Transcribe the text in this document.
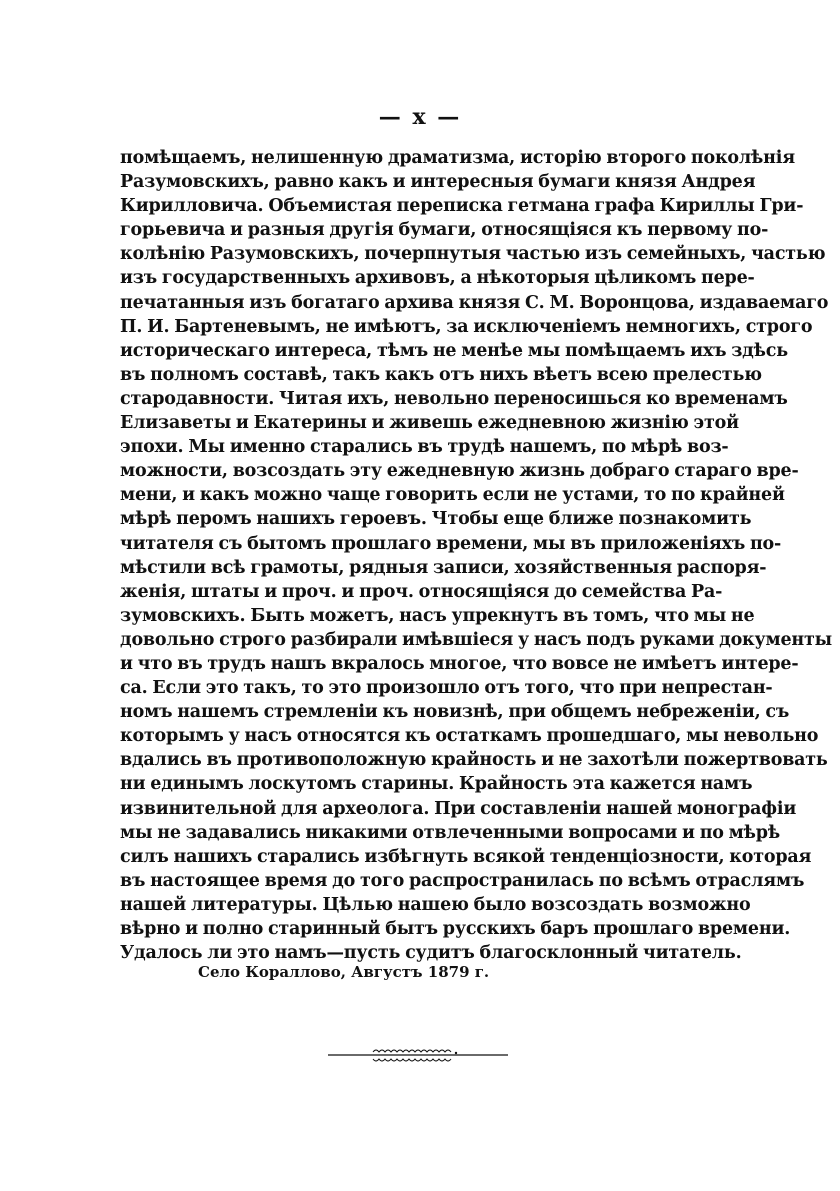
— x —
помѣщаемъ, нелишенную драматизма, исторію второго поколѣнія
Разумовскихъ, равно какъ и интересныя бумаги князя Андрея
Кирилловича. Объемистая переписка гетмана графа Кириллы Гри-
горьевича и разныя другія бумаги, относящіяся къ первому по-
колѣнію Разумовскихъ, почерпнутыя частью изъ семейныхъ, частью
изъ государственныхъ архивовъ, а нѣкоторыя цѣликомъ пере-
печатанныя изъ богатаго архива князя С. М. Воронцова, издаваемаго
П. И. Бартеневымъ, не имѣютъ, за исключеніемъ немногихъ, строго
историческаго интереса, тѣмъ не менѣе мы помѣщаемъ ихъ здѣсь
въ полномъ составѣ, такъ какъ отъ нихъ вѣетъ всею прелестью
стародавности. Читая ихъ, невольно переносишься ко временамъ
Елизаветы и Екатерины и живешь ежедневною жизнію этой
эпохи. Мы именно старались въ трудѣ нашемъ, по мѣрѣ воз-
можности, возсоздать эту ежедневную жизнь добраго стараго вре-
мени, и какъ можно чаще говорить если не устами, то по крайней
мѣрѣ перомъ нашихъ героевъ. Чтобы еще ближе познакомить
читателя съ бытомъ прошлаго времени, мы въ приложеніяхъ по-
мѣстили всѣ грамоты, рядныя записи, хозяйственныя распоря-
женія, штаты и проч. и проч. относящіяся до семейства Ра-
зумовскихъ. Быть можетъ, насъ упрекнутъ въ томъ, что мы не
довольно строго разбирали имѣвшіеся у насъ подъ руками документы
и что въ трудъ нашъ вкралось многое, что вовсе не имѣетъ интере-
са. Если это такъ, то это произошло отъ того, что при непрестан-
номъ нашемъ стремленіи къ новизнѣ, при общемъ небреженіи, съ
которымъ у насъ относятся къ остаткамъ прошедшаго, мы невольно
вдались въ противоположную крайность и не захотѣли пожертвовать
ни единымъ лоскутомъ старины. Крайность эта кажется намъ
извинительной для археолога. При составленіи нашей монографіи
мы не задавались никакими отвлеченными вопросами и по мѣрѣ
силъ нашихъ старались избѣгнуть всякой тенденціозности, которая
въ настоящее время до того распространилась по всѣмъ отраслямъ
нашей литературы. Цѣлью нашею было возсоздать возможно
вѣрно и полно старинный бытъ русскихъ баръ прошлаго времени.
Удалось ли это намъ—пусть судитъ благосклонный читатель.
Село Кораллово, Августъ 1879 г.
